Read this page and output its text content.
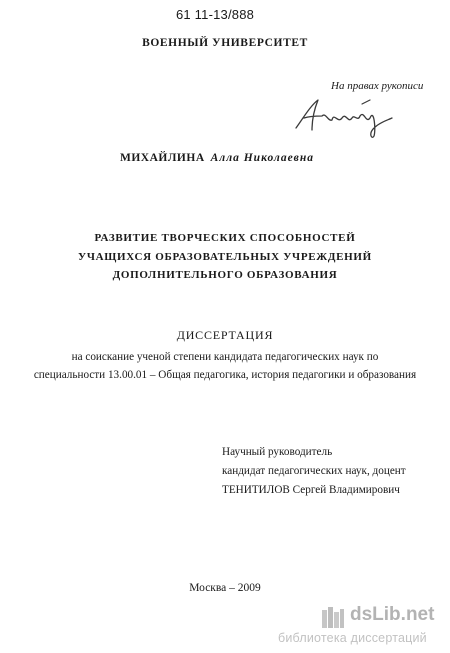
61 11-13/888
ВОЕННЫЙ УНИВЕРСИТЕТ
На правах рукописи
МИХАЙЛИНА Алла Николаевна
РАЗВИТИЕ ТВОРЧЕСКИХ СПОСОБНОСТЕЙ
УЧАЩИХСЯ ОБРАЗОВАТЕЛЬНЫХ УЧРЕЖДЕНИЙ
ДОПОЛНИТЕЛЬНОГО ОБРАЗОВАНИЯ
ДИССЕРТАЦИЯ
на соискание ученой степени кандидата педагогических наук по
специальности 13.00.01 – Общая педагогика, история педагогики и образования
Научный руководитель
кандидат педагогических наук, доцент
ТЕНИТИЛОВ Сергей Владимирович
Москва – 2009
dsLib.net
библиотека диссертаций
